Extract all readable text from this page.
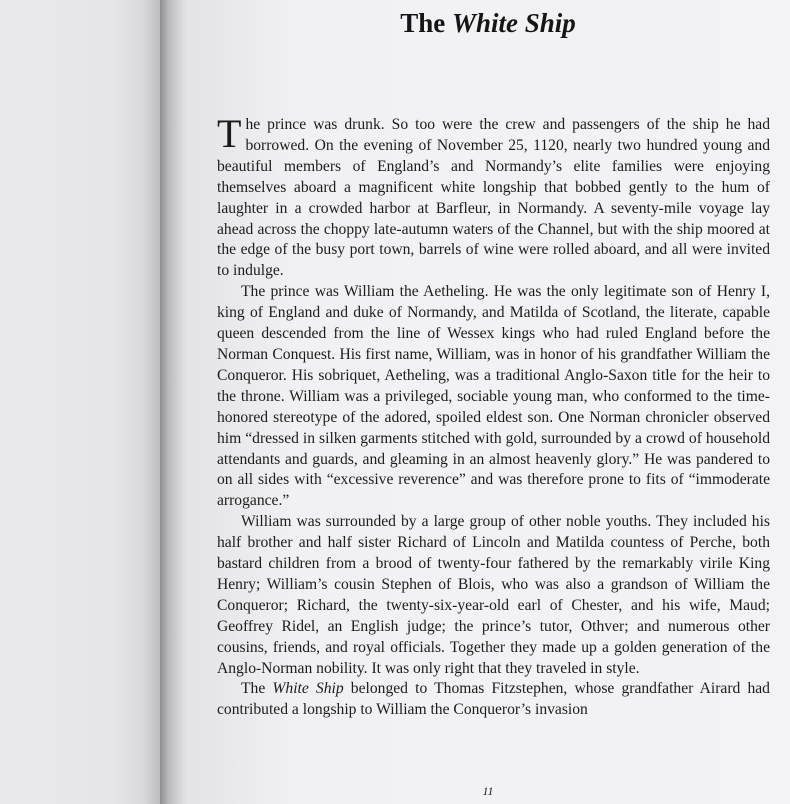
The White Ship

The prince was drunk. So too were the crew and passengers of the ship he had borrowed. On the evening of November 25, 1120, nearly two hundred young and beautiful members of England’s and Normandy’s elite families were enjoying themselves aboard a magnificent white longship that bobbed gently to the hum of laughter in a crowded harbor at Barfleur, in Normandy. A seventy-mile voyage lay ahead across the choppy late-autumn waters of the Channel, but with the ship moored at the edge of the busy port town, barrels of wine were rolled aboard, and all were invited to indulge.

The prince was William the Aetheling. He was the only legitimate son of Henry I, king of England and duke of Normandy, and Matilda of Scotland, the literate, capable queen descended from the line of Wessex kings who had ruled England before the Norman Conquest. His first name, William, was in honor of his grandfather William the Conqueror. His sobriquet, Aetheling, was a traditional Anglo-Saxon title for the heir to the throne. William was a privileged, sociable young man, who conformed to the time-honored stereotype of the adored, spoiled eldest son. One Norman chronicler observed him “dressed in silken garments stitched with gold, surrounded by a crowd of household attendants and guards, and gleaming in an almost heavenly glory.” He was pandered to on all sides with “excessive reverence” and was therefore prone to fits of “immoderate arrogance.”

William was surrounded by a large group of other noble youths. They included his half brother and half sister Richard of Lincoln and Matilda countess of Perche, both bastard children from a brood of twenty-four fathered by the remarkably virile King Henry; William’s cousin Stephen of Blois, who was also a grandson of William the Conqueror; Richard, the twenty-six-year-old earl of Chester, and his wife, Maud; Geoffrey Ridel, an English judge; the prince’s tutor, Othver; and numerous other cousins, friends, and royal officials. Together they made up a golden generation of the Anglo-Norman nobility. It was only right that they traveled in style.

The White Ship belonged to Thomas Fitzstephen, whose grandfather Airard had contributed a longship to William the Conqueror’s invasion

11
